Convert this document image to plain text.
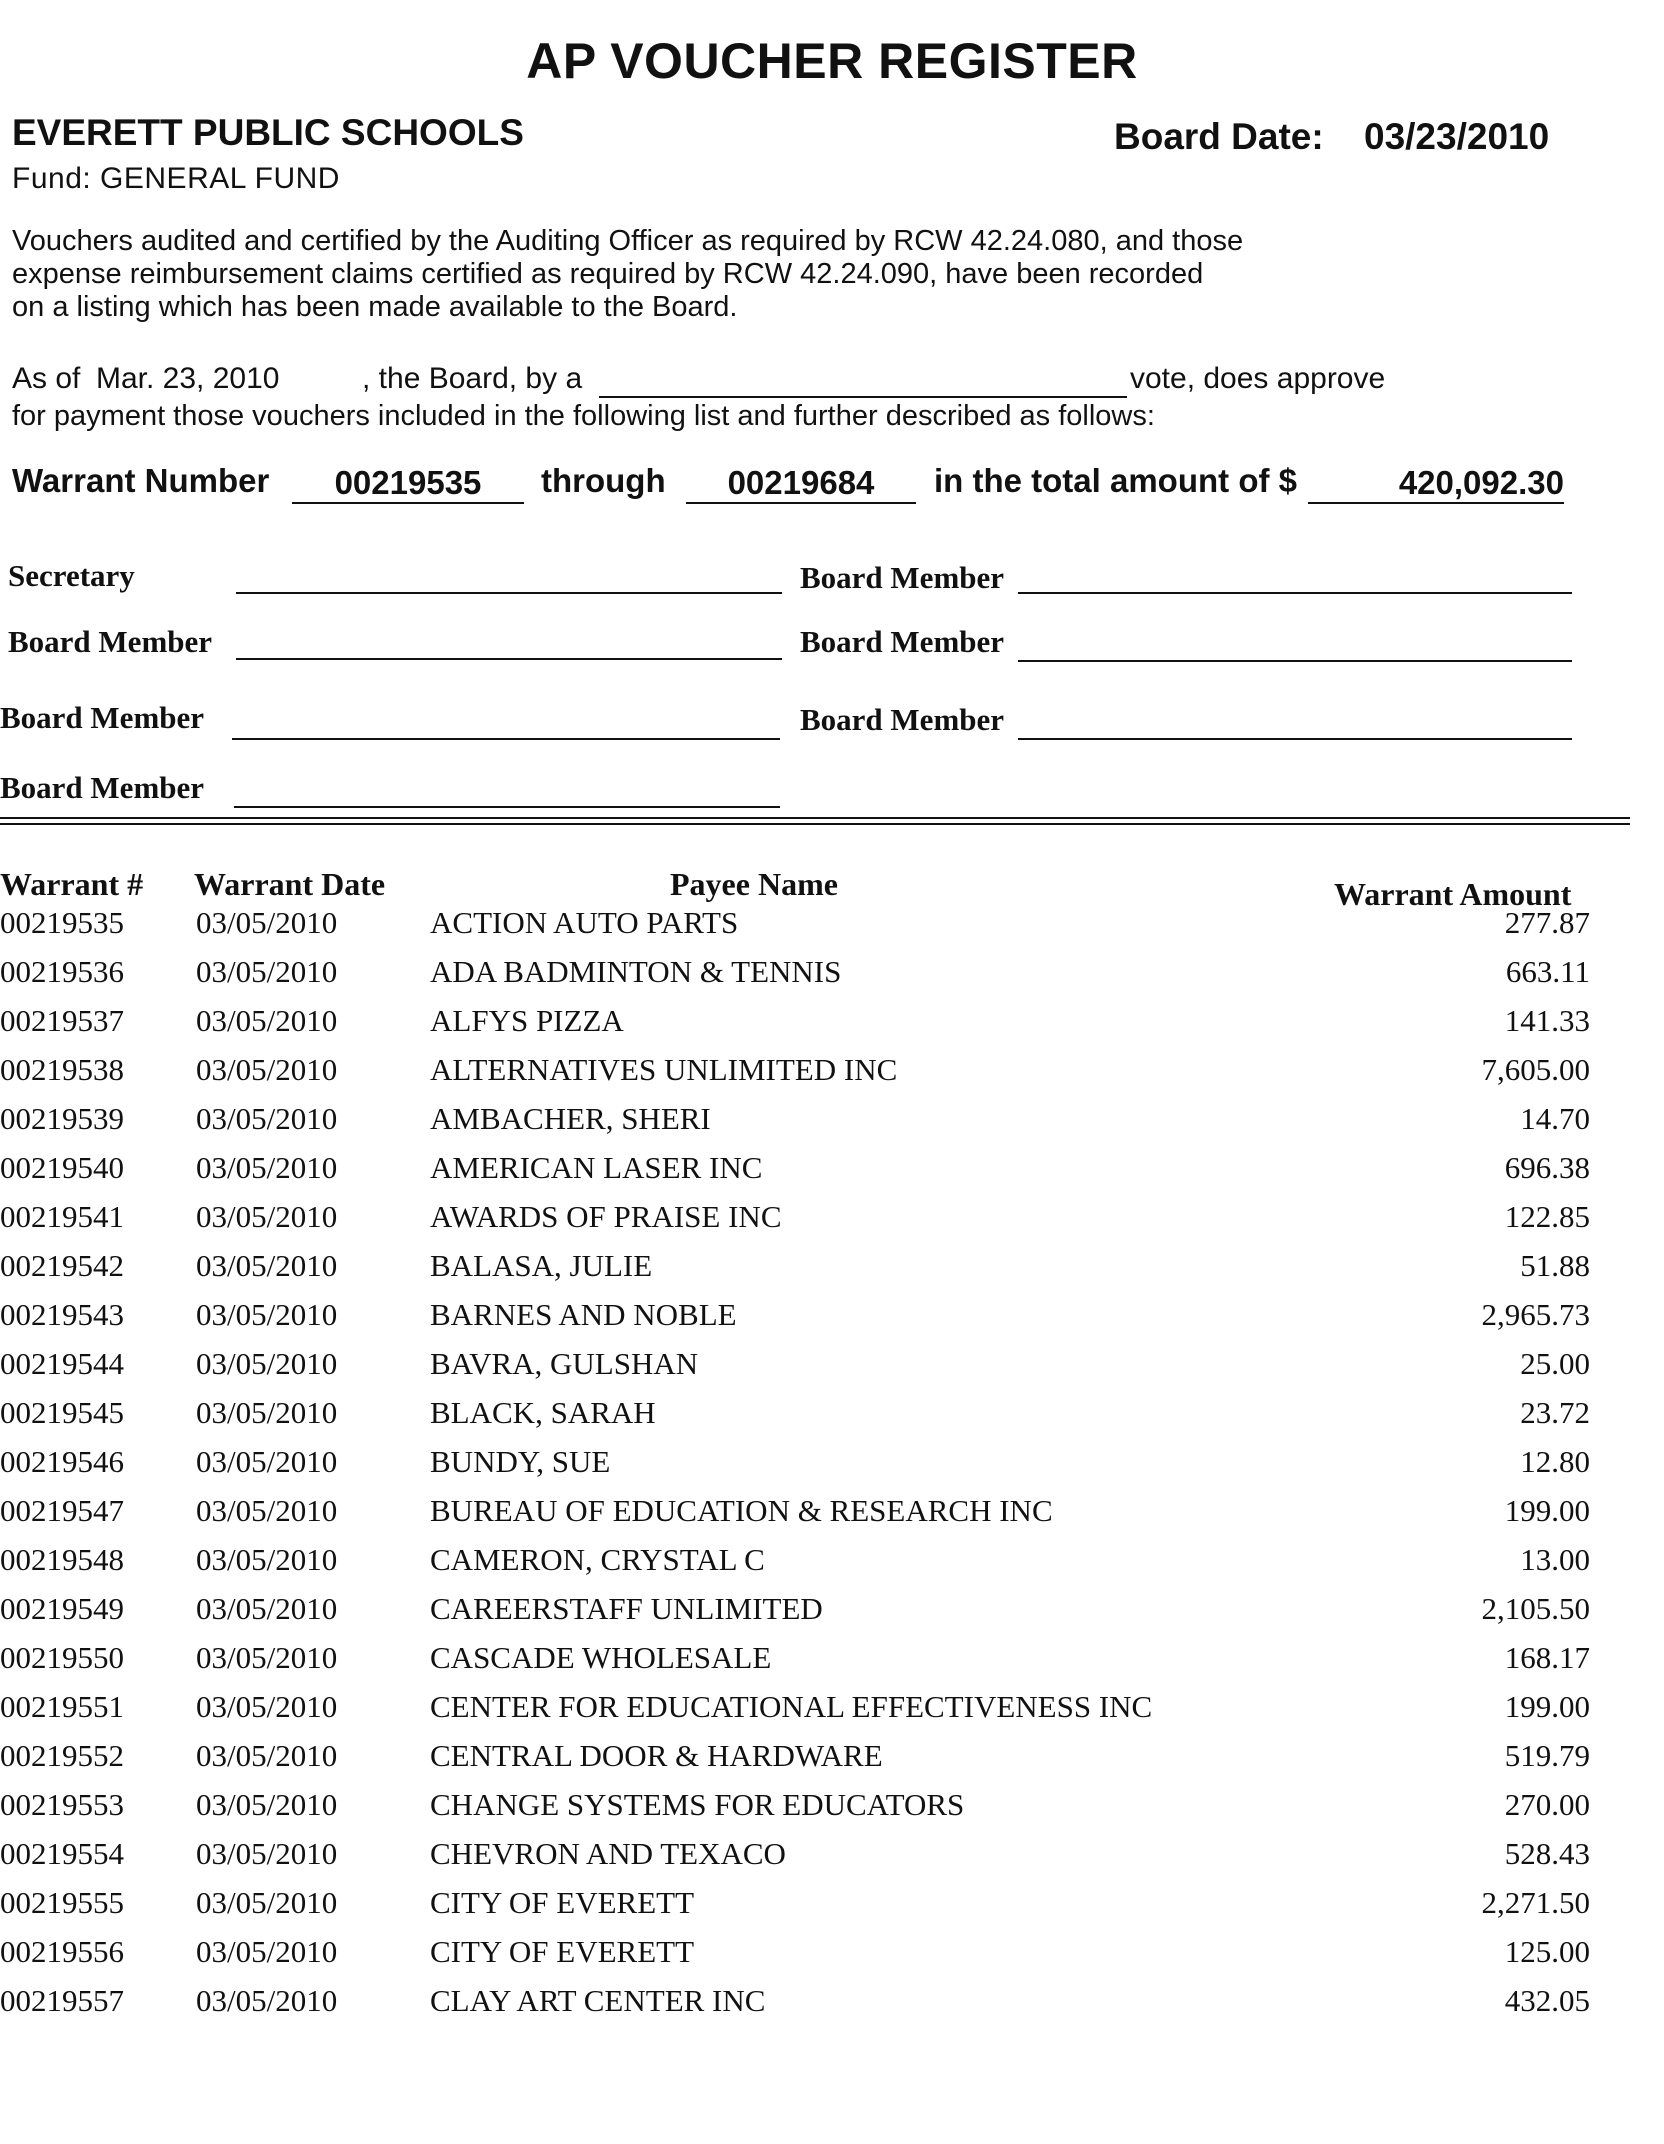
AP VOUCHER REGISTER
EVERETT PUBLIC SCHOOLS	Board Date: 03/23/2010
Fund: GENERAL FUND
Vouchers audited and certified by the Auditing Officer as required by RCW 42.24.080, and those
expense reimbursement claims certified as required by RCW 42.24.090, have been recorded
on a listing which has been made available to the Board.
As of Mar. 23, 2010	, the Board, by a	vote, does approve
for payment those vouchers included in the following list and further described as follows:
Warrant Number	00219535	through	00219684	in the total amount of $	420,092.30
Secretary	Board Member
Board Member	Board Member
Board Member	Board Member
Board Member
Warrant # Warrant Date	Payee Name	Warrant Amount
00219535 03/05/2010	ACTION AUTO PARTS	277.87
00219536 03/05/2010	ADA BADMINTON & TENNIS	663.11
00219537 03/05/2010	ALFYS PIZZA	141.33
00219538 03/05/2010	ALTERNATIVES UNLIMITED INC	7,605.00
00219539 03/05/2010	AMBACHER, SHERI	14.70
00219540 03/05/2010	AMERICAN LASER INC	696.38
00219541 03/05/2010	AWARDS OF PRAISE INC	122.85
00219542 03/05/2010	BALASA, JULIE	51.88
00219543 03/05/2010	BARNES AND NOBLE	2,965.73
00219544 03/05/2010	BAVRA, GULSHAN	25.00
00219545 03/05/2010	BLACK, SARAH	23.72
00219546 03/05/2010	BUNDY, SUE	12.80
00219547 03/05/2010	BUREAU OF EDUCATION & RESEARCH INC	199.00
00219548 03/05/2010	CAMERON, CRYSTAL C	13.00
00219549 03/05/2010	CAREERSTAFF UNLIMITED	2,105.50
00219550 03/05/2010	CASCADE WHOLESALE	168.17
00219551 03/05/2010	CENTER FOR EDUCATIONAL EFFECTIVENESS INC	199.00
00219552 03/05/2010	CENTRAL DOOR & HARDWARE	519.79
00219553 03/05/2010	CHANGE SYSTEMS FOR EDUCATORS	270.00
00219554 03/05/2010	CHEVRON AND TEXACO	528.43
00219555 03/05/2010	CITY OF EVERETT	2,271.50
00219556 03/05/2010	CITY OF EVERETT	125.00
00219557 03/05/2010	CLAY ART CENTER INC	432.05
